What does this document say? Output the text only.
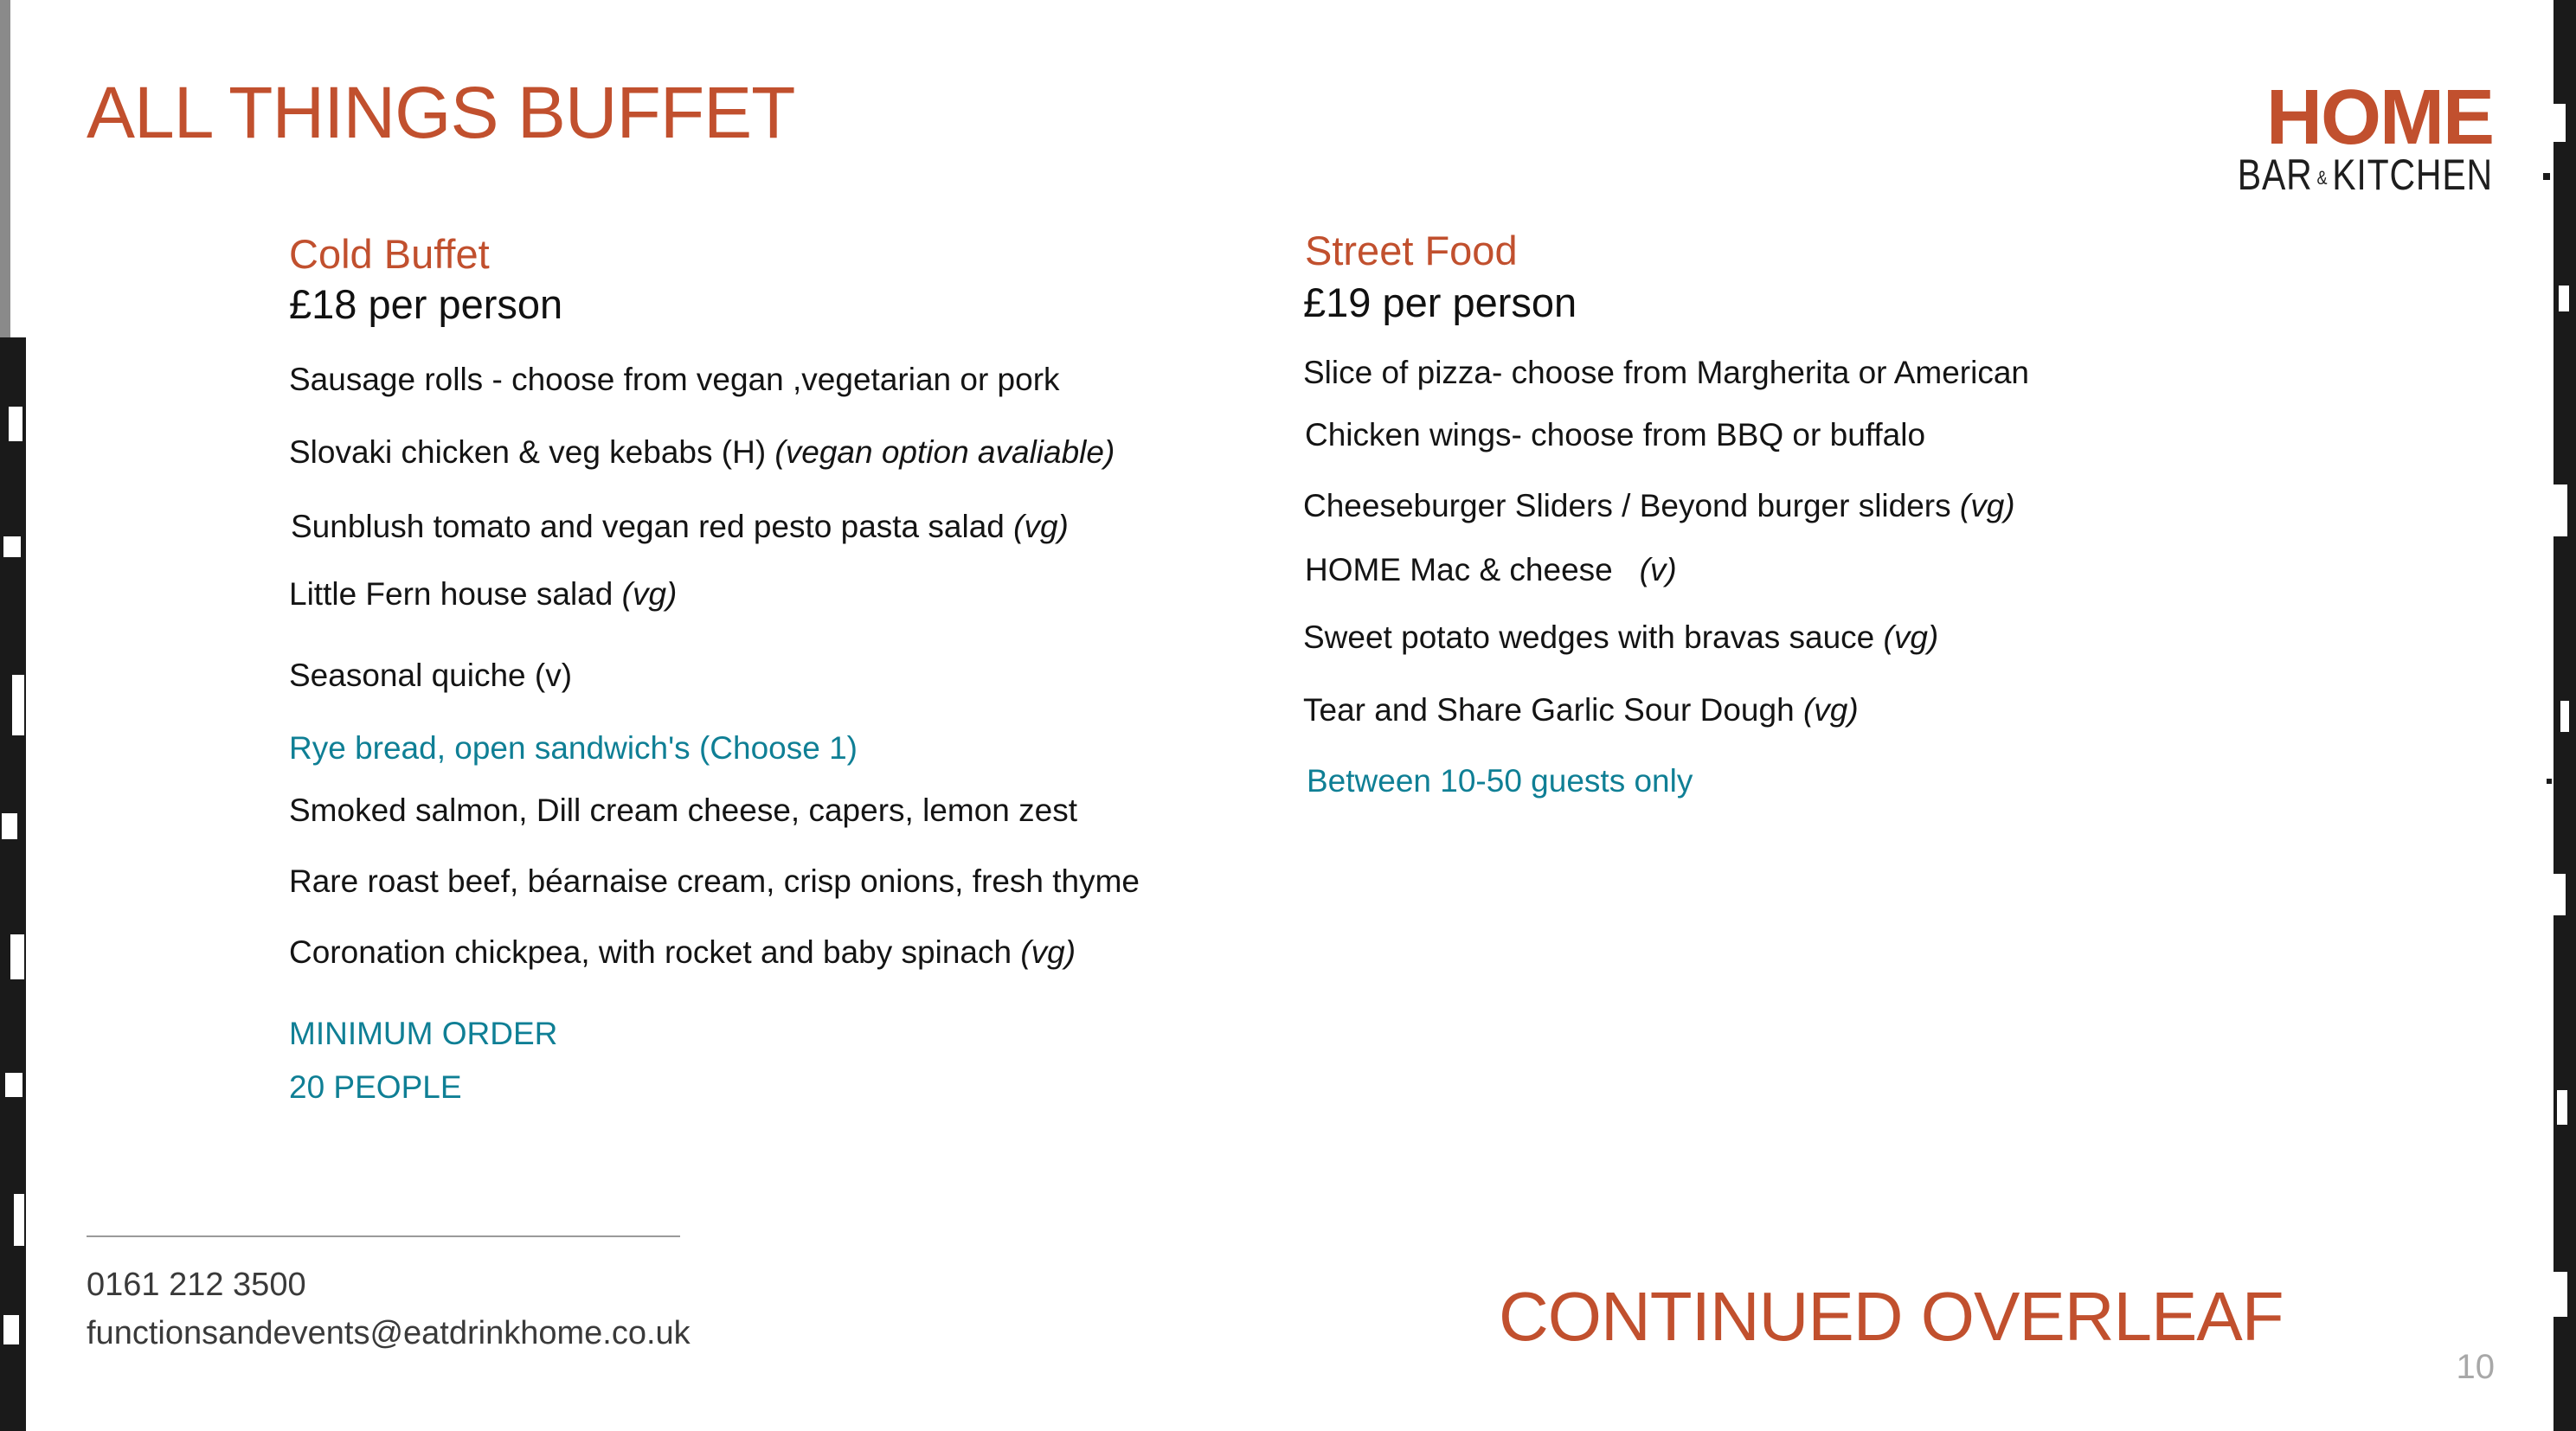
ALL THINGS BUFFET	HOME
BAR &KITCHEN
Cold Buffet
£18 per person
Sausage rolls - choose from vegan ,vegetarian or pork
Slovaki chicken & veg kebabs (H) (vegan option avaliable)
Sunblush tomato and vegan red pesto pasta salad (vg)
Little Fern house salad (vg)
Seasonal quiche (v)
Rye bread, open sandwich's (Choose 1)
Smoked salmon, Dill cream cheese, capers, lemon zest
Rare roast beef, béarnaise cream, crisp onions, fresh thyme
Coronation chickpea, with rocket and baby spinach (vg)
MINIMUM ORDER
20 PEOPLE
Street Food
£19 per person
Slice of pizza- choose from Margherita or American
Chicken wings- choose from BBQ or buffalo
Cheeseburger Sliders / Beyond burger sliders (vg)
HOME Mac & cheese   (v)
Sweet potato wedges with bravas sauce (vg)
Tear and Share Garlic Sour Dough (vg)
Between 10-50 guests only
0161 212 3500
functionsandevents@eatdrinkhome.co.uk	CONTINUED OVERLEAF
10
